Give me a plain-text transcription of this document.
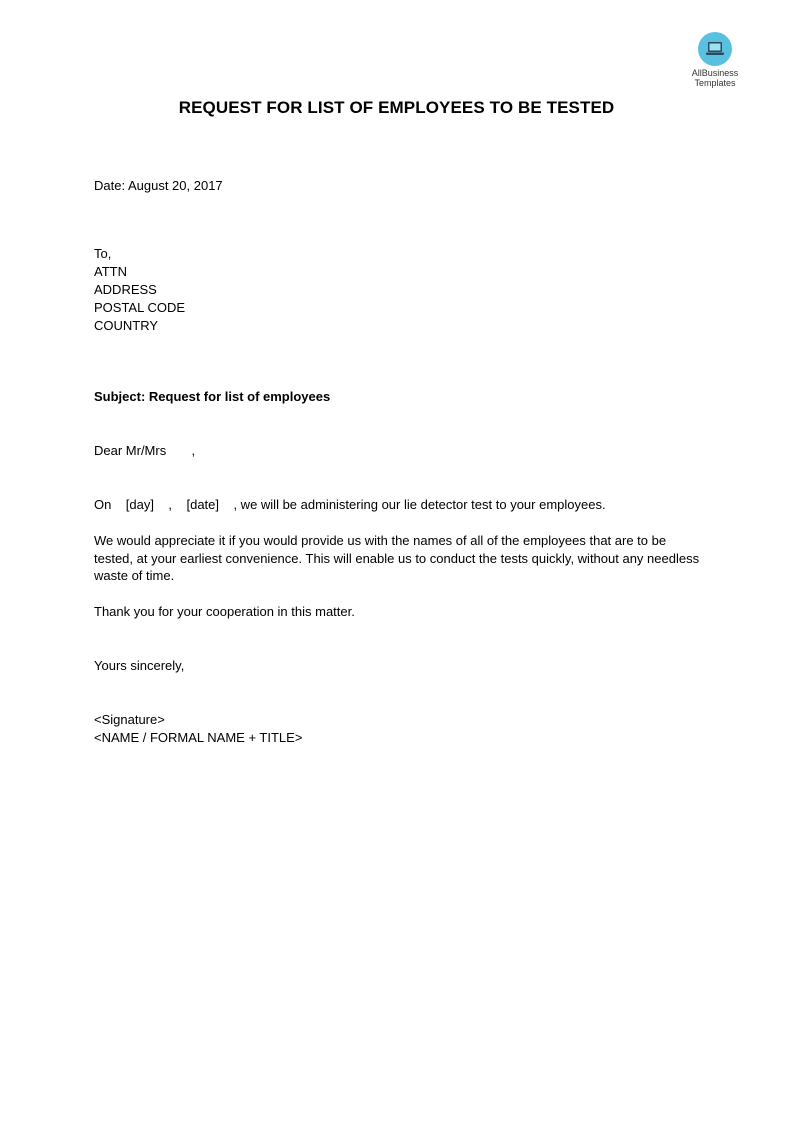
AllBusiness
Templates
REQUEST FOR LIST OF EMPLOYEES TO BE TESTED
Date: August 20, 2017
To,
ATTN
ADDRESS
POSTAL CODE
COUNTRY
Subject: Request for list of employees
Dear Mr/Mrs       ,
On    [day]    ,    [date]    , we will be administering our lie detector test to your employees.
We would appreciate it if you would provide us with the names of all of the employees that are to be tested, at your earliest convenience. This will enable us to conduct the tests quickly, without any needless waste of time.
Thank you for your cooperation in this matter.
Yours sincerely,
<Signature>
<NAME / FORMAL NAME + TITLE>
